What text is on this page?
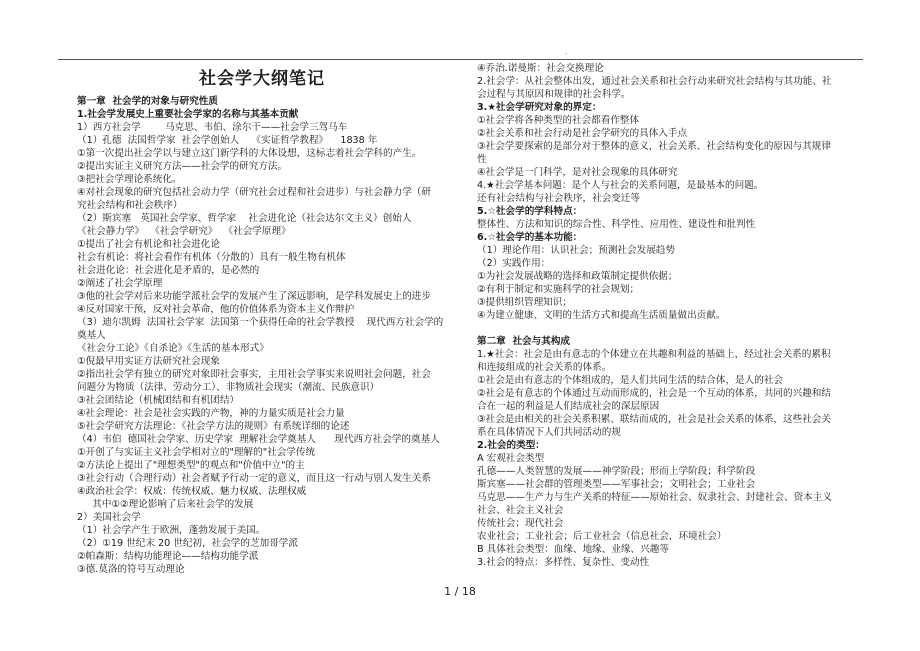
-
社会学大纲笔记
第一章  社会学的对象与研究性质
1.社会学发展史上重要社会学家的名称与其基本贡献
1）西方社会学        马克思、韦伯、涂尔干——社会学三驾马车
（1）孔德  法国哲学家  社会学创始人    《实证哲学教程》    1838 年
①第一次提出社会学以与建立这门新学科的大体设想，这标志着社会学科的产生。
②提出实证主义研究方法——社会学的研究方法。
③把社会学理论系统化。
④对社会现象的研究包括社会动力学（研究社会过程和社会进步）与社会静力学（研
究社会结构和社会秩序）
（2）斯宾塞   英国社会学家、哲学家    社会进化论（社会达尔文主义）创始人
《社会静力学》  《社会学研究》  《社会学原理》
①提出了社会有机论和社会进化论
社会有机论：将社会看作有机体（分散的）具有一般生物有机体
社会进化论：社会进化是矛盾的，是必然的
②阐述了社会学原理
③他的社会学对后来功能学派社会学的发展产生了深远影响，是学科发展史上的进步
④反对国家干预，反对社会革命，他的价值体系为资本主义作辩护
（3）迪尔凯姆  法国社会学家  法国第一个获得任命的社会学教授    现代西方社会学的
奠基人
《社会分工论》《自杀论》《生活的基本形式》
①倪最早用实证方法研究社会现象
②指出社会学有独立的研究对象即社会事实，主用社会学事实来说明社会问题，社会
问题分为物质（法律、劳动分工）、非物质社会现实（潮流、民族意识）
③社会团结论（机械团结和有机团结）
④社会理论：社会是社会实践的产物，神的力量实质是社会力量
⑤社会学研究方法理论：《社会学方法的规则》有系统详细的论述
（4）韦伯  德国社会学家、历史学家  理解社会学奠基人      现代西方社会学的奠基人
①开创了与实证主义社会学相对立的"理解的"社会学传统
②方法论上提出了"理想类型"的观点和"价值中立"的主
③社会行动（合理行动）社会者赋予行动一定的意义，而且这一行动与别人发生关系
④政治社会学：权威：传统权威、魅力权威、法理权威
其中①②理论影响了后来社会学的发展
2）美国社会学
（1）社会学产生于欧洲，蓬勃发展于美国。
（2）①19 世纪末 20 世纪初，社会学的芝加哥学派
②帕森斯：结构功能理论——结构功能学派
③德.莫洛的符号互动理论
④乔治.诺曼斯：社会交换理论
2.社会学：从社会整体出发，通过社会关系和社会行动来研究社会结构与其功能、社
会过程与其原因和规律的社会科学。
3.★社会学研究对象的界定：
①社会学将各种类型的社会都看作整体
②社会关系和社会行动是社会学研究的具体入手点
③社会学要探索的是部分对于整体的意义，社会关系、社会结构变化的原因与其规律
性
④社会学是一门科学，是对社会现象的具体研究
4.★社会学基本问题：是个人与社会的关系问题，是最基本的问题。
还有社会结构与社会秩序，社会变迁等
5.☆社会学的学科特点：
整体性、方法和知识的综合性、科学性、应用性、建设性和批判性
6.☆社会学的基本功能：
（1）理论作用：认识社会；预测社会发展趋势
（2）实践作用：
①为社会发展战略的选择和政策制定提供依据；
②有利于制定和实施科学的社会规划；
③提供组织管理知识；
④为建立健康、文明的生活方式和提高生活质量做出贡献。
第二章  社会与其构成
1.★社会：社会是由有意志的个体建立在共趣和利益的基础上，经过社会关系的累积
和连接组成的社会关系的体系。
①社会是由有意志的个体组成的，是人们共同生活的结合体，是人的社会
②社会是有意志的个体通过互动而形成的，社会是一个互动的体系，共同的兴趣和结
合在一起的利益是人们结成社会的深层原因
③社会是由相关的社会关系积累、联结而成的，社会是社会关系的体系，这些社会关
系在具体情况下人们共同活动的规
2.社会的类型：
A 宏观社会类型
孔德——人类智慧的发展——神学阶段；形而上学阶段；科学阶段
斯宾塞——社会群的管理类型——军事社会；文明社会；工业社会
马克思——生产力与生产关系的特征——原始社会、奴隶社会、封建社会、资本主义
社会、社会主义社会
传统社会；现代社会
农业社会；工业社会；后工业社会（信息社会，环境社会）
B 具体社会类型：血缘、地缘、业缘、兴趣等
3.社会的特点：多样性、复杂性、变动性
1 / 18
